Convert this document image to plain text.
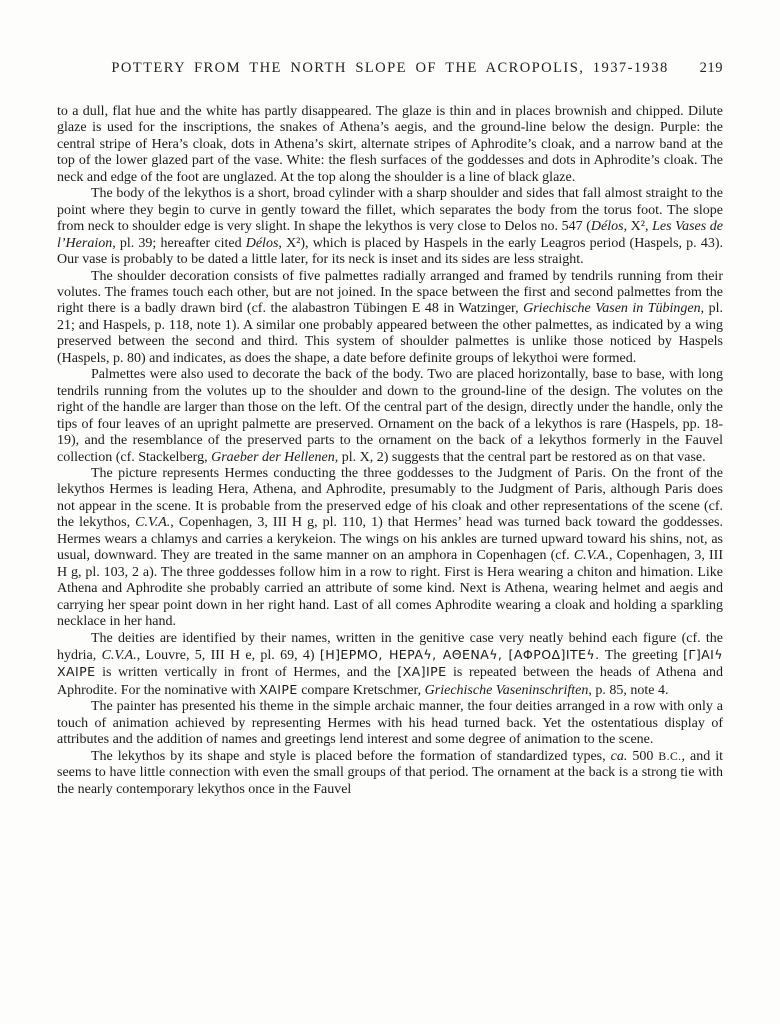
POTTERY FROM THE NORTH SLOPE OF THE ACROPOLIS, 1937-1938 219

to a dull, flat hue and the white has partly disappeared. The glaze is thin and in places brownish and chipped. Dilute glaze is used for the inscriptions, the snakes of Athena’s aegis, and the ground-line below the design. Purple: the central stripe of Hera’s cloak, dots in Athena’s skirt, alternate stripes of Aphrodite’s cloak, and a narrow band at the top of the lower glazed part of the vase. White: the flesh surfaces of the goddesses and dots in Aphrodite’s cloak. The neck and edge of the foot are unglazed. At the top along the shoulder is a line of black glaze.

The body of the lekythos is a short, broad cylinder with a sharp shoulder and sides that fall almost straight to the point where they begin to curve in gently toward the fillet, which separates the body from the torus foot. The slope from neck to shoulder edge is very slight. In shape the lekythos is very close to Delos no. 547 (Délos, X², Les Vases de l’Heraion, pl. 39; hereafter cited Délos, X²), which is placed by Haspels in the early Leagros period (Haspels, p. 43). Our vase is probably to be dated a little later, for its neck is inset and its sides are less straight.

The shoulder decoration consists of five palmettes radially arranged and framed by tendrils running from their volutes. The frames touch each other, but are not joined. In the space between the first and second palmettes from the right there is a badly drawn bird (cf. the alabastron Tübingen E 48 in Watzinger, Griechische Vasen in Tübingen, pl. 21; and Haspels, p. 118, note 1). A similar one probably appeared between the other palmettes, as indicated by a wing preserved between the second and third. This system of shoulder palmettes is unlike those noticed by Haspels (Haspels, p. 80) and indicates, as does the shape, a date before definite groups of lekythoi were formed.

Palmettes were also used to decorate the back of the body. Two are placed horizontally, base to base, with long tendrils running from the volutes up to the shoulder and down to the ground-line of the design. The volutes on the right of the handle are larger than those on the left. Of the central part of the design, directly under the handle, only the tips of four leaves of an upright palmette are preserved. Ornament on the back of a lekythos is rare (Haspels, pp. 18-19), and the resemblance of the preserved parts to the ornament on the back of a lekythos formerly in the Fauvel collection (cf. Stackelberg, Graeber der Hellenen, pl. X, 2) suggests that the central part be restored as on that vase.

The picture represents Hermes conducting the three goddesses to the Judgment of Paris. On the front of the lekythos Hermes is leading Hera, Athena, and Aphrodite, presumably to the Judgment of Paris, although Paris does not appear in the scene. It is probable from the preserved edge of his cloak and other representations of the scene (cf. the lekythos, C.V.A., Copenhagen, 3, III H g, pl. 110, 1) that Hermes’ head was turned back toward the goddesses. Hermes wears a chlamys and carries a kerykeion. The wings on his ankles are turned upward toward his shins, not, as usual, downward. They are treated in the same manner on an amphora in Copenhagen (cf. C.V.A., Copenhagen, 3, III H g, pl. 103, 2 a). The three goddesses follow him in a row to right. First is Hera wearing a chiton and himation. Like Athena and Aphrodite she probably carried an attribute of some kind. Next is Athena, wearing helmet and aegis and carrying her spear point down in her right hand. Last of all comes Aphrodite wearing a cloak and holding a sparkling necklace in her hand.

The deities are identified by their names, written in the genitive case very neatly behind each figure (cf. the hydria, C.V.A., Louvre, 5, III H e, pl. 69, 4) [H]EPMO, HEPAϟ, AΘENAϟ, [AΦPOΔ]ITEϟ. The greeting [Γ]AIϟ XAIPE is written vertically in front of Hermes, and the [XA]IPE is repeated between the heads of Athena and Aphrodite. For the nominative with XAIPE compare Kretschmer, Griechische Vaseninschriften, p. 85, note 4.

The painter has presented his theme in the simple archaic manner, the four deities arranged in a row with only a touch of animation achieved by representing Hermes with his head turned back. Yet the ostentatious display of attributes and the addition of names and greetings lend interest and some degree of animation to the scene.

The lekythos by its shape and style is placed before the formation of standardized types, ca. 500 B.C., and it seems to have little connection with even the small groups of that period. The ornament at the back is a strong tie with the nearly contemporary lekythos once in the Fauvel
